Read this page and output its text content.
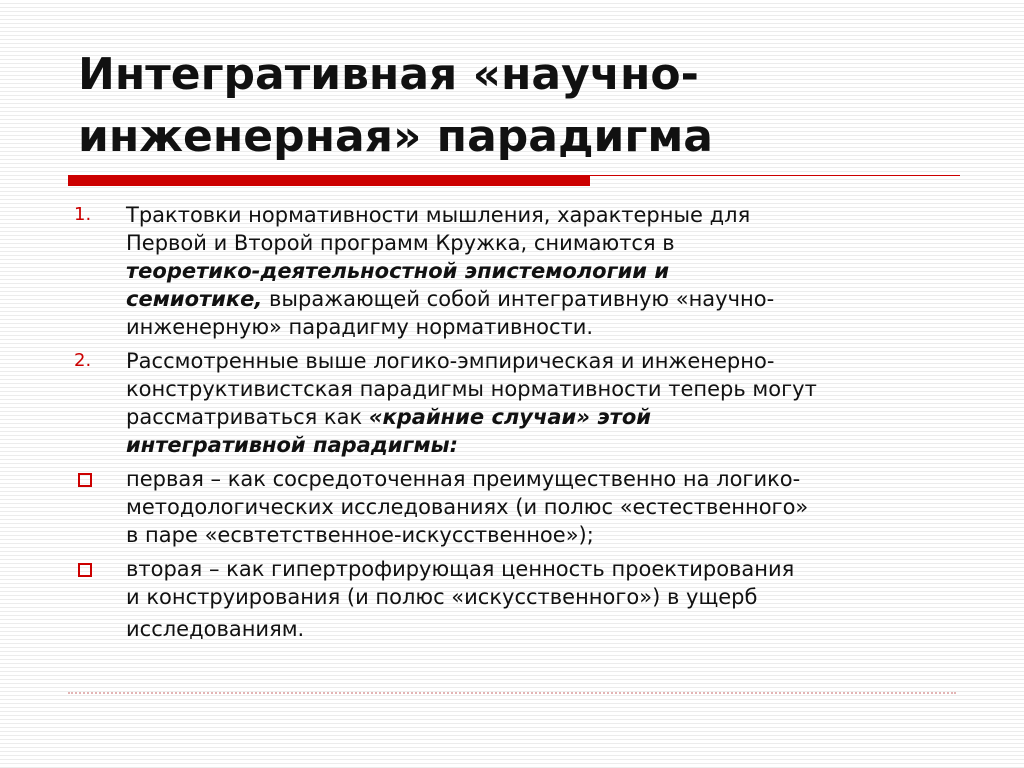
Интегративная «научно-
инженерная» парадигма
1. Трактовки нормативности мышления, характерные для
Первой и Второй программ Кружка, снимаются в
теоретико-деятельностной эпистемологии и
семиотике, выражающей собой интегративную «научно-
инженерную» парадигму нормативности.
2. Рассмотренные выше логико-эмпирическая и инженерно-
конструктивистская парадигмы нормативности теперь могут
рассматриваться как «крайние случаи» этой
интегративной парадигмы:
первая – как сосредоточенная преимущественно на логико-
методологических исследованиях (и полюс «естественного»
в паре «есвтетственное-искусственное»);
вторая – как гипертрофирующая ценность проектирования
и конструирования (и полюс «искусственного») в ущерб
исследованиям.
